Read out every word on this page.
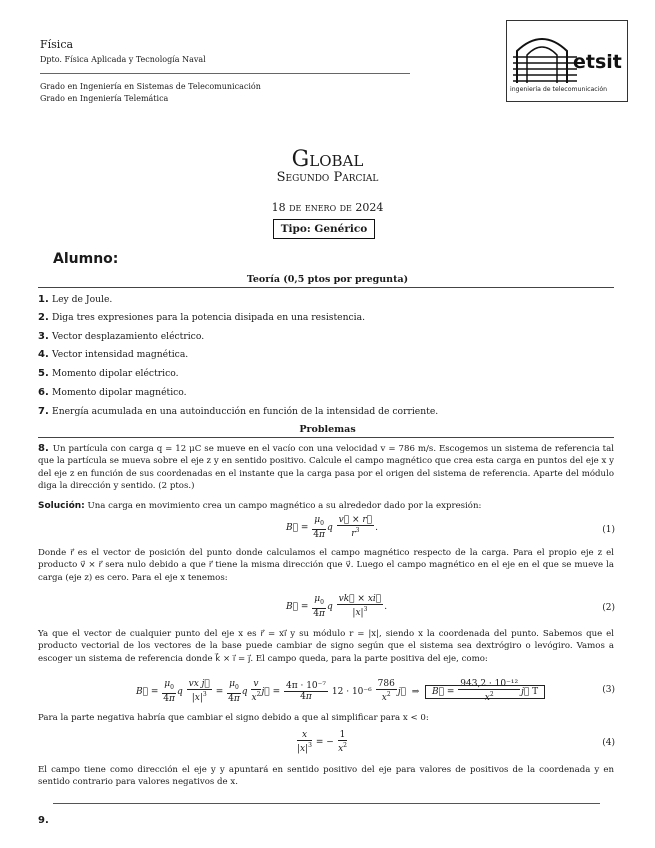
Física
Dpto. Física Aplicada y Tecnología Naval
Grado en Ingeniería en Sistemas de Telecomunicación
Grado en Ingeniería Telemática
etsit
ingeniería de telecomunicación
Global
Segundo Parcial
18 de enero de 2024
Tipo: Genérico
Alumno:
Teoría (0,5 ptos por pregunta)
1. Ley de Joule.
2. Diga tres expresiones para la potencia disipada en una resistencia.
3. Vector desplazamiento eléctrico.
4. Vector intensidad magnética.
5. Momento dipolar eléctrico.
6. Momento dipolar magnético.
7. Energía acumulada en una autoinducción en función de la intensidad de corriente.
Problemas
8. Un partícula con carga q = 12 μC se mueve en el vacío con una velocidad v = 786 m/s. Escogemos un sistema de referencia tal que la partícula se mueva sobre el eje z y en sentido positivo. Calcule el campo magnético que crea esta carga en puntos del eje x y del eje z en función de sus coordenadas en el instante que la carga pasa por el origen del sistema de referencia. Aparte del módulo diga la dirección y sentido. (2 ptos.)
Solución: Una carga en movimiento crea un campo magnético a su alrededor dado por la expresión:
B⃗ = $\frac{\mu_0}{4\pi}$ q $\frac{v⃗ \times r⃗}{r^3}$ .	(1)
Donde r⃗ es el vector de posición del punto donde calculamos el campo magnético respecto de la carga. Para el propio eje z el producto v⃗ × r⃗ sera nulo debido a que r⃗ tiene la misma dirección que v⃗. Luego el campo magnético en el eje en el que se mueve la carga (eje z) es cero. Para el eje x tenemos:
B⃗ = $\frac{\mu_0}{4\pi}$ q $\frac{vk⃗ \times xi⃗}{|x|^3}$ .	(2)
Ya que el vector de cualquier punto del eje x es r⃗ = xi⃗ y su módulo r = |x|, siendo x la coordenada del punto. Sabemos que el producto vectorial de los vectores de la base puede cambiar de signo según que el sistema sea dextrógiro o levógiro. Vamos a escoger un sistema de referencia donde k⃗ × i⃗ = j⃗. El campo queda, para la parte positiva del eje, como:
B⃗ = $\frac{\mu_0}{4\pi}$ q $\frac{\text{vx j⃗}}{|x|^3} = \frac{\mu_0}{4\pi}$ q $\frac{v}{x^2}$ j⃗ = $\frac{\text{4π · 10⁻⁷}}{4\pi} 12 \cdot 10^{-6} \frac{786}{x^2}$ j⃗  ⇒  B⃗ = $\frac{\text{943,2 · 10⁻¹²}}{x^2}$ j⃗ T	(3)
Para la parte negativa habría que cambiar el signo debido a que al simplificar para x < 0:
$\frac{x}{|x|^3}$ = − $\frac{1}{x^2}$	(4)
El campo tiene como dirección el eje y y apuntará en sentido positivo del eje para valores de positivos de la coordenada y en sentido contrario para valores negativos de x.
9.
